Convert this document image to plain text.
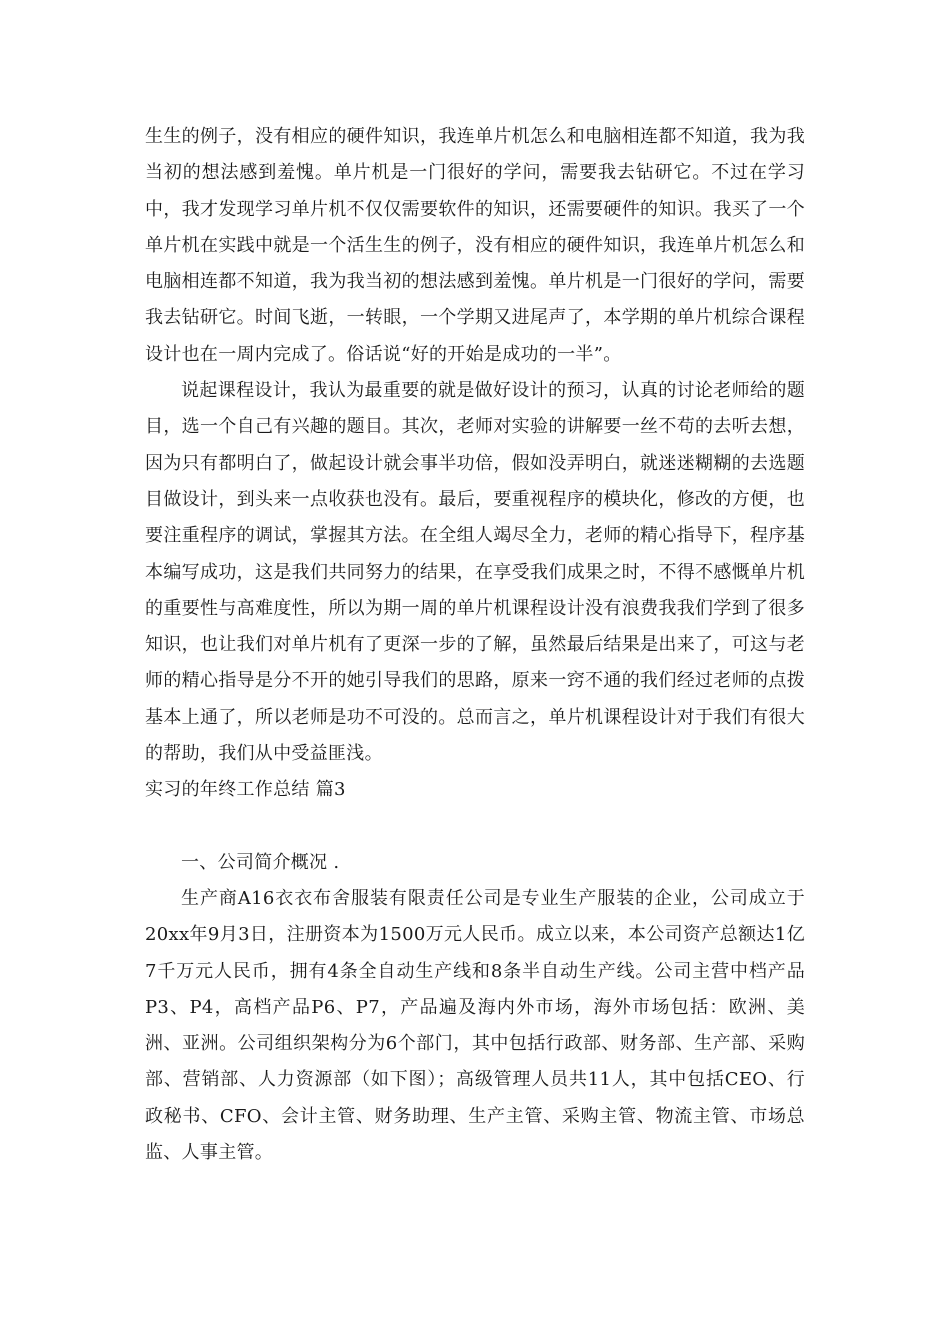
生生的例子，没有相应的硬件知识，我连单片机怎么和电脑相连都不知道，我为我当初的想法感到羞愧。单片机是一门很好的学问，需要我去钻研它。不过在学习中，我才发现学习单片机不仅仅需要软件的知识，还需要硬件的知识。我买了一个单片机在实践中就是一个活生生的例子，没有相应的硬件知识，我连单片机怎么和电脑相连都不知道，我为我当初的想法感到羞愧。单片机是一门很好的学问，需要我去钻研它。时间飞逝，一转眼，一个学期又进尾声了，本学期的单片机综合课程设计也在一周内完成了。俗话说“好的开始是成功的一半”。

说起课程设计，我认为最重要的就是做好设计的预习，认真的讨论老师给的题目，选一个自己有兴趣的题目。其次，老师对实验的讲解要一丝不苟的去听去想，因为只有都明白了，做起设计就会事半功倍，假如没弄明白，就迷迷糊糊的去选题目做设计，到头来一点收获也没有。最后，要重视程序的模块化，修改的方便，也要注重程序的调试，掌握其方法。在全组人竭尽全力，老师的精心指导下，程序基本编写成功，这是我们共同努力的结果，在享受我们成果之时，不得不感慨单片机的重要性与高难度性，所以为期一周的单片机课程设计没有浪费我我们学到了很多知识，也让我们对单片机有了更深一步的了解，虽然最后结果是出来了，可这与老师的精心指导是分不开的她引导我们的思路，原来一窍不通的我们经过老师的点拨基本上通了，所以老师是功不可没的。总而言之，单片机课程设计对于我们有很大的帮助，我们从中受益匪浅。

实习的年终工作总结 篇3

一、公司简介概况 .

生产商A16衣衣布舍服装有限责任公司是专业生产服装的企业，公司成立于20xx年9月3日，注册资本为1500万元人民币。成立以来，本公司资产总额达1亿7千万元人民币，拥有4条全自动生产线和8条半自动生产线。公司主营中档产品P3、P4，高档产品P6、P7，产品遍及海内外市场，海外市场包括：欧洲、美洲、亚洲。公司组织架构分为6个部门，其中包括行政部、财务部、生产部、采购部、营销部、人力资源部（如下图）；高级管理人员共11人，其中包括CEO、行政秘书、CFO、会计主管、财务助理、生产主管、采购主管、物流主管、市场总监、人事主管。
